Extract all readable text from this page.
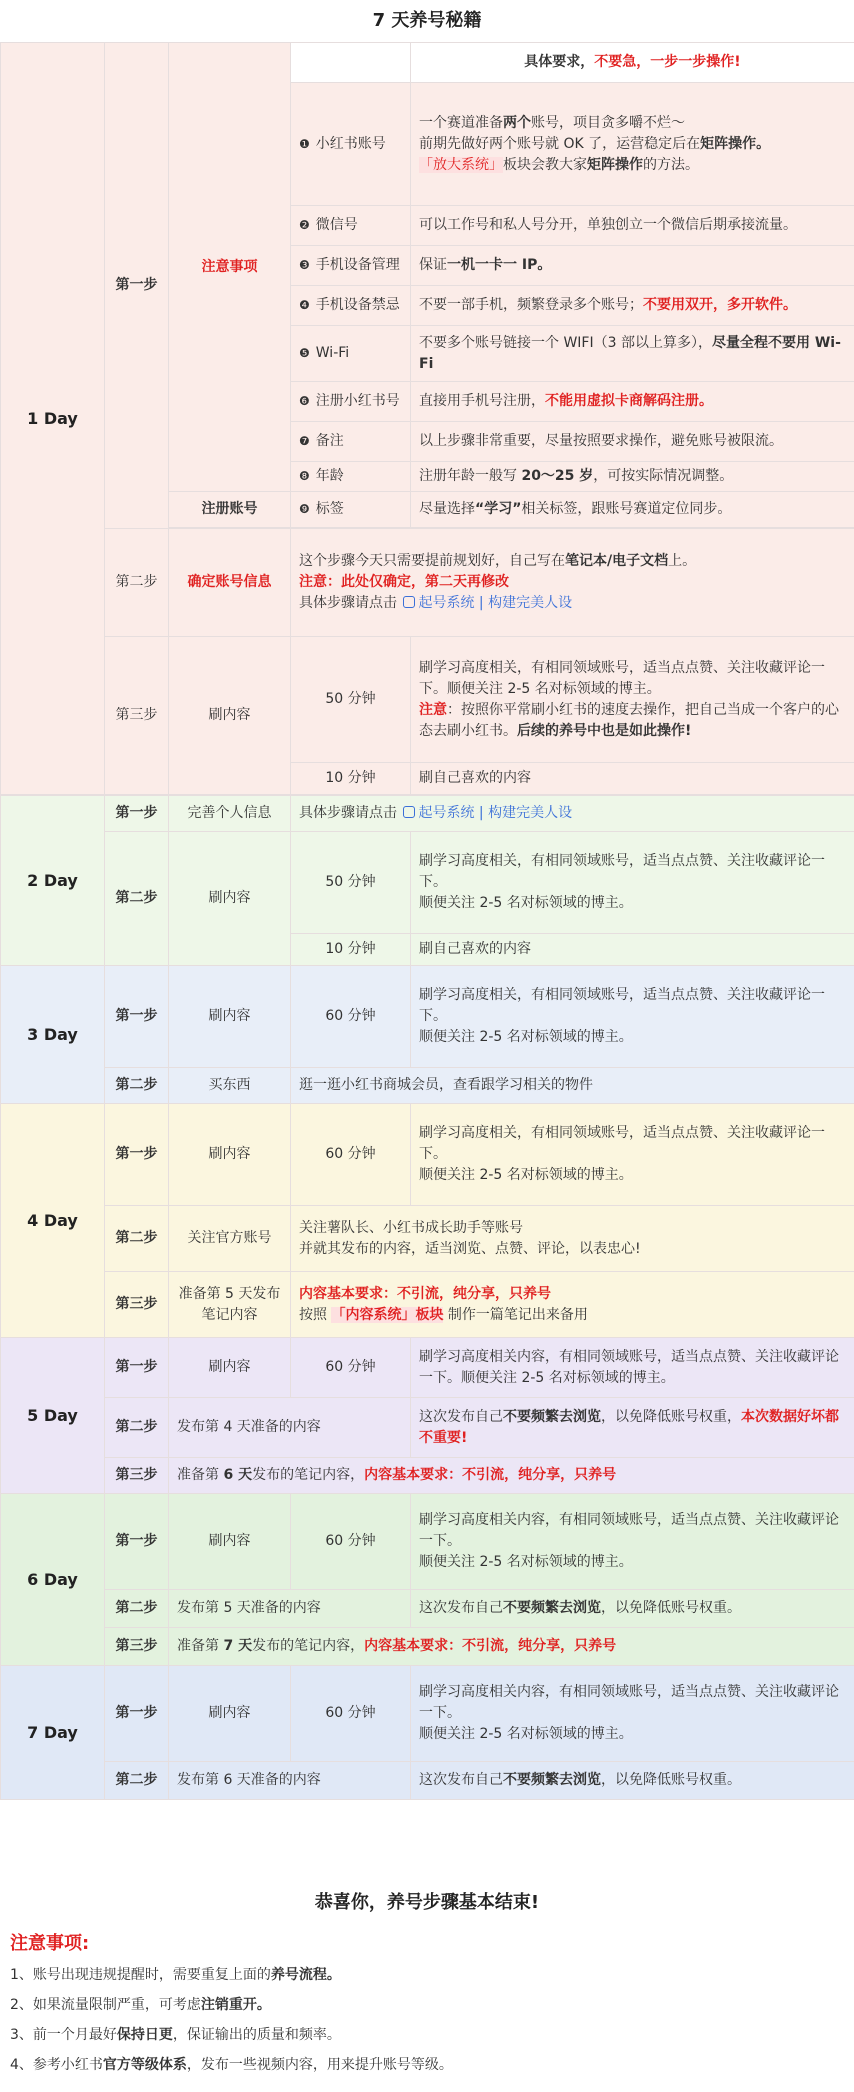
7 天养号秘籍
1 Day	第一步	注意事项		具体要求，不要急，一步一步操作!
			❶ 小红书账号	一个赛道准备两个账号，项目贪多嚼不烂～
前期先做好两个账号就 OK 了，运营稳定后在矩阵操作。
「放大系统」板块会教大家矩阵操作的方法。

			❷ 微信号	可以工作号和私人号分开，单独创立一个微信后期承接流量。
			❸ 手机设备管理	保证一机一卡一 IP。
			❹ 手机设备禁忌	不要一部手机，频繁登录多个账号；不要用双开，多开软件。
			❺ Wi-Fi	不要多个账号链接一个 WIFI（3 部以上算多），尽量全程不要用 Wi-Fi
			❻ 注册小红书号	直接用手机号注册，不能用虚拟卡商解码注册。
			❼ 备注	以上步骤非常重要，尽量按照要求操作，避免账号被限流。
			❽ 年龄	注册年龄一般写 20～25 岁，可按实际情况调整。
		注册账号	❾ 标签	尽量选择“学习”相关标签，跟账号赛道定位同步。

	第二步	确定账号信息	这个步骤今天只需要提前规划好，自己写在笔记本/电子文档上。
注意：此处仅确定，第二天再修改
具体步骤请点击 起号系统 | 构建完美人设	

	第三步	刷内容	50 分钟	刷学习高度相关，有相同领域账号，适当点点赞、关注收藏评论一下。顺便关注 2-5 名对标领域的博主。
注意：按照你平常刷小红书的速度去操作，把自己当成一个客户的心态去刷小红书。后续的养号中也是如此操作!

			10 分钟	刷自己喜欢的内容

2 Day	第一步	完善个人信息	具体步骤请点击 起号系统 | 构建完美人设	
	第二步	刷内容	50 分钟	刷学习高度相关，有相同领域账号，适当点点赞、关注收藏评论一下。
顺便关注 2-5 名对标领域的博主。

			10 分钟	刷自己喜欢的内容
3 Day	第一步	刷内容	60 分钟	刷学习高度相关，有相同领域账号，适当点点赞、关注收藏评论一下。
顺便关注 2-5 名对标领域的博主。

	第二步	买东西	逛一逛小红书商城会员，查看跟学习相关的物件	
4 Day	第一步	刷内容	60 分钟	刷学习高度相关，有相同领域账号，适当点点赞、关注收藏评论一下。
顺便关注 2-5 名对标领域的博主。

	第二步	关注官方账号	关注薯队长、小红书成长助手等账号
并就其发布的内容，适当浏览、点赞、评论，以表忠心!	

	第三步	准备第 5 天发布笔记内容	内容基本要求：不引流，纯分享，只养号
按照 「内容系统」板块 制作一篇笔记出来备用	

5 Day	第一步	刷内容	60 分钟	刷学习高度相关内容，有相同领域账号，适当点点赞、关注收藏评论一下。顺便关注 2-5 名对标领域的博主。
	第二步	发布第 4 天准备的内容		这次发布自己不要频繁去浏览，以免降低账号权重，本次数据好坏都不重要!
	第三步	准备第 6 天发布的笔记内容，内容基本要求：不引流，纯分享，只养号		
6 Day	第一步	刷内容	60 分钟	刷学习高度相关内容，有相同领域账号，适当点点赞、关注收藏评论一下。
顺便关注 2-5 名对标领域的博主。

	第二步	发布第 5 天准备的内容		这次发布自己不要频繁去浏览，以免降低账号权重。
	第三步	准备第 7 天发布的笔记内容，内容基本要求：不引流，纯分享，只养号		
7 Day	第一步	刷内容	60 分钟	刷学习高度相关内容，有相同领域账号，适当点点赞、关注收藏评论一下。
顺便关注 2-5 名对标领域的博主。

	第二步	发布第 6 天准备的内容		这次发布自己不要频繁去浏览，以免降低账号权重。
恭喜你，养号步骤基本结束!
注意事项:
1、账号出现违规提醒时，需要重复上面的养号流程。
2、如果流量限制严重，可考虑注销重开。
3、前一个月最好保持日更，保证输出的质量和频率。
4、参考小红书官方等级体系，发布一些视频内容，用来提升账号等级。
